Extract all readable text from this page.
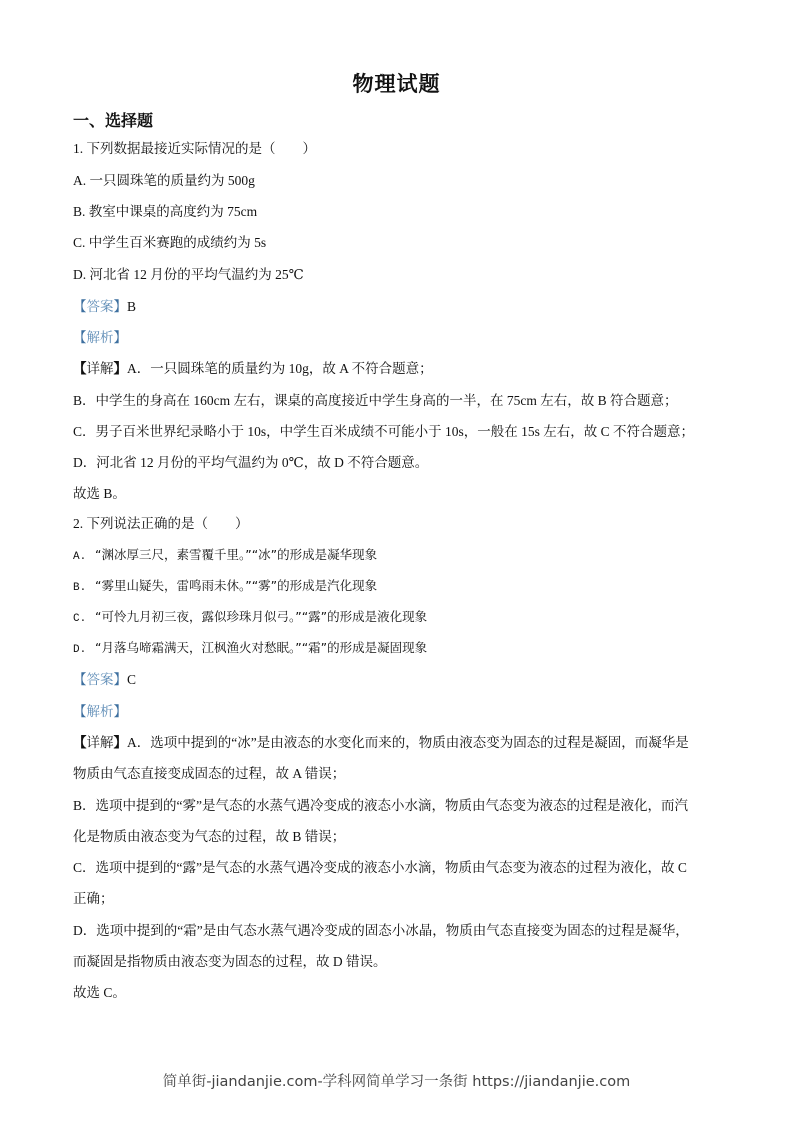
物理试题
一、选择题
1. 下列数据最接近实际情况的是（　　）
A. 一只圆珠笔的质量约为 500g
B. 教室中课桌的高度约为 75cm
C. 中学生百米赛跑的成绩约为 5s
D. 河北省 12 月份的平均气温约为 25℃
【答案】B
【解析】
【详解】A．一只圆珠笔的质量约为 10g，故 A 不符合题意；
B．中学生的身高在 160cm 左右，课桌的高度接近中学生身高的一半，在 75cm 左右，故 B 符合题意；
C．男子百米世界纪录略小于 10s，中学生百米成绩不可能小于 10s，一般在 15s 左右，故 C 不符合题意；
D．河北省 12 月份的平均气温约为 0℃，故 D 不符合题意。
故选 B。
2. 下列说法正确的是（　　）
A. “渊冰厚三尺，素雪覆千里。”“冰”的形成是凝华现象
B. “雾里山疑失，雷鸣雨未休。”“雾”的形成是汽化现象
C. “可怜九月初三夜，露似珍珠月似弓。”“露”的形成是液化现象
D. “月落乌啼霜满天，江枫渔火对愁眠。”“霜”的形成是凝固现象
【答案】C
【解析】
【详解】A．选项中提到的“冰”是由液态的水变化而来的，物质由液态变为固态的过程是凝固，而凝华是
物质由气态直接变成固态的过程，故 A 错误；
B．选项中提到的“雾”是气态的水蒸气遇冷变成的液态小水滴，物质由气态变为液态的过程是液化，而汽
化是物质由液态变为气态的过程，故 B 错误；
C．选项中提到的“露”是气态的水蒸气遇冷变成的液态小水滴，物质由气态变为液态的过程为液化，故 C
正确；
D．选项中提到的“霜”是由气态水蒸气遇冷变成的固态小冰晶，物质由气态直接变为固态的过程是凝华，
而凝固是指物质由液态变为固态的过程，故 D 错误。
故选 C。
简单街-jiandanjie.com-学科网简单学习一条街 https://jiandanjie.com
